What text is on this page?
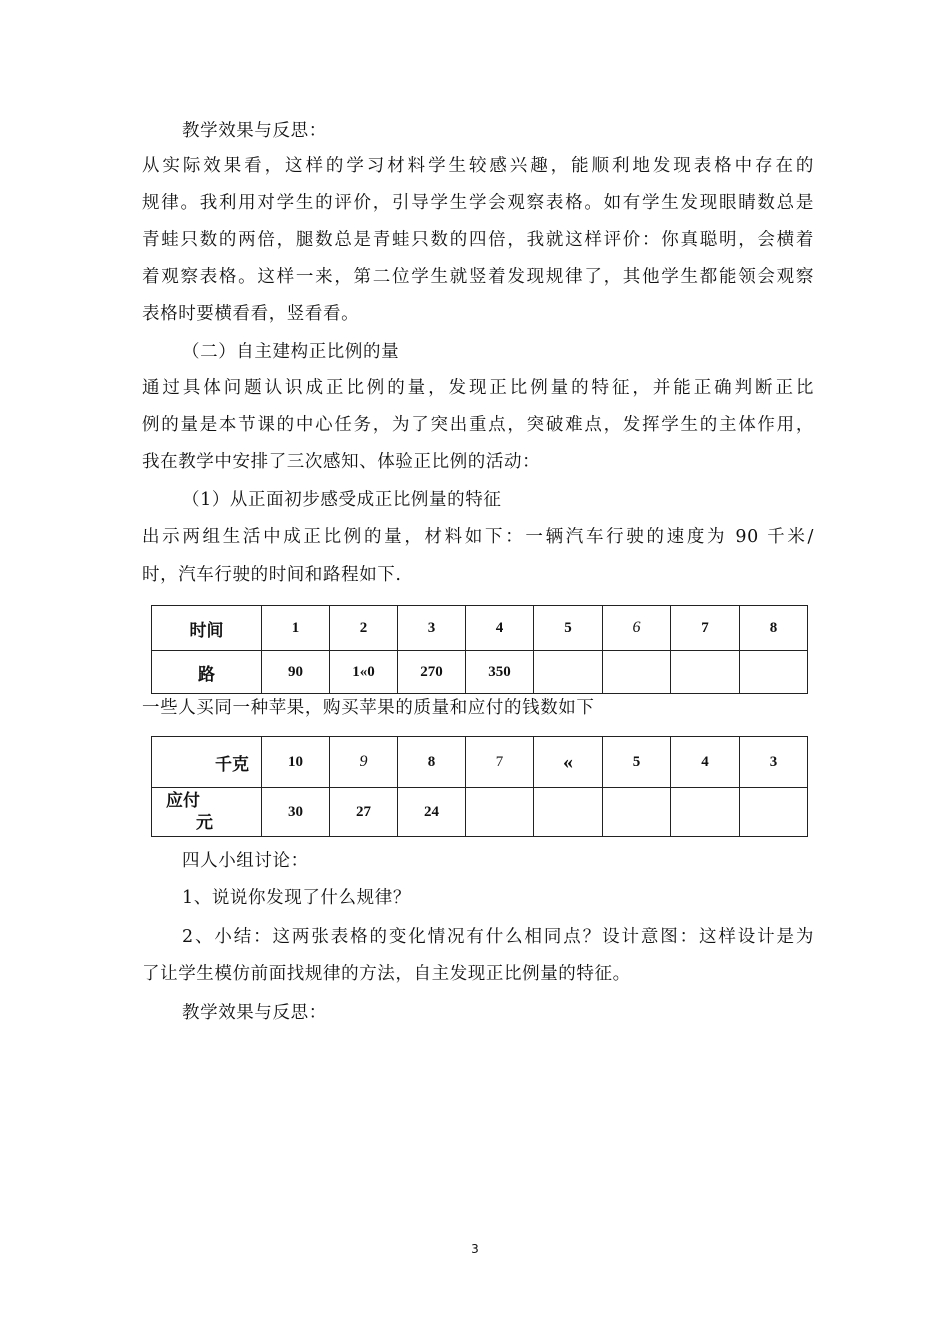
教学效果与反思：
从实际效果看，这样的学习材料学生较感兴趣，能顺利地发现表格中存在的
规律。我利用对学生的评价，引导学生学会观察表格。如有学生发现眼睛数总是
青蛙只数的两倍，腿数总是青蛙只数的四倍，我就这样评价：你真聪明，会横着
着观察表格。这样一来，第二位学生就竖着发现规律了，其他学生都能领会观察
表格时要横看看，竖看看。
（二）自主建构正比例的量
通过具体问题认识成正比例的量，发现正比例量的特征，并能正确判断正比
例的量是本节课的中心任务，为了突出重点，突破难点，发挥学生的主体作用，
我在教学中安排了三次感知、体验正比例的活动：
（1）从正面初步感受成正比例量的特征
出示两组生活中成正比例的量，材料如下：一辆汽车行驶的速度为 90 千米/
时，汽车行驶的时间和路程如下.
时间	1	2	3	4	5	6	7	8
路	90	1«0	270	350				
一些人买同一种苹果，购买苹果的质量和应付的钱数如下
千克	10	9	8	7	«	5	4	3

应付
元	30	27	24					
四人小组讨论：
1、说说你发现了什么规律？
2、小结：这两张表格的变化情况有什么相同点？设计意图：这样设计是为
了让学生模仿前面找规律的方法，自主发现正比例量的特征。
教学效果与反思：
3
